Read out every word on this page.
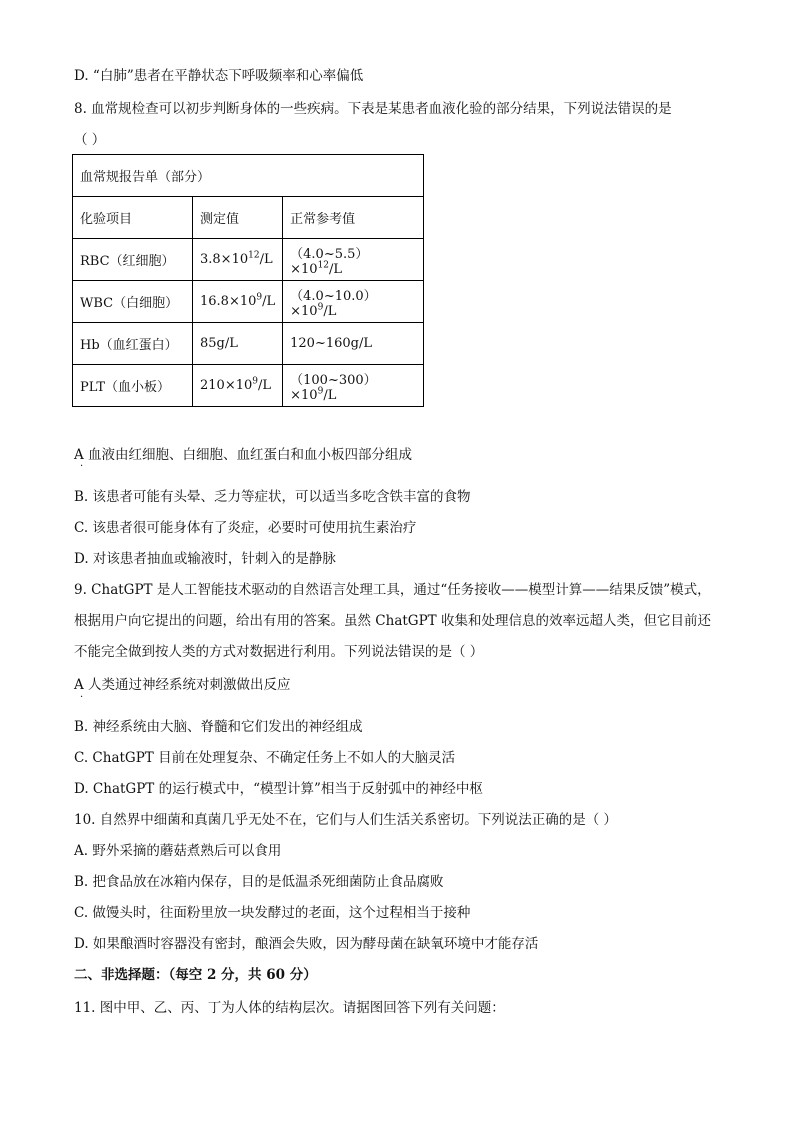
D. “白肺”患者在平静状态下呼吸频率和心率偏低
8. 血常规检查可以初步判断身体的一些疾病。下表是某患者血液化验的部分结果，下列说法错误的是
（ ）
血常规报告单（部分）		
化验项目	测定值	正常参考值
RBC（红细胞）	$3.8\times 10^{12}/L$	$(4.0\sim 5.5)\times 10^{12}/L$
WBC（白细胞）	$16.8\times 10^9/L$	$(4.0\sim 10.0)\times 10^9/L$
Hb（血红蛋白）	85g/L	120~160g/L
PLT（血小板）	$210\times 10^9/L$	$(100\sim 300)\times 10^9/L$
A 血液由红细胞、白细胞、血红蛋白和血小板四部分组成
·
B. 该患者可能有头晕、乏力等症状，可以适当多吃含铁丰富的食物
C. 该患者很可能身体有了炎症，必要时可使用抗生素治疗
D. 对该患者抽血或输液时，针刺入的是静脉
9. ChatGPT 是人工智能技术驱动的自然语言处理工具，通过“任务接收——模型计算——结果反馈”模式，根据用户向它提出的问题，给出有用的答案。虽然 ChatGPT 收集和处理信息的效率远超人类，但它目前还不能完全做到按人类的方式对数据进行利用。下列说法错误的是（ ）
A 人类通过神经系统对刺激做出反应
·
B. 神经系统由大脑、脊髓和它们发出的神经组成
C. ChatGPT 目前在处理复杂、不确定任务上不如人的大脑灵活
D. ChatGPT 的运行模式中，“模型计算”相当于反射弧中的神经中枢
10. 自然界中细菌和真菌几乎无处不在，它们与人们生活关系密切。下列说法正确的是（ ）
A. 野外采摘的蘑菇煮熟后可以食用
B. 把食品放在冰箱内保存，目的是低温杀死细菌防止食品腐败
C. 做馒头时，往面粉里放一块发酵过的老面，这个过程相当于接种
D. 如果酿酒时容器没有密封，酿酒会失败，因为酵母菌在缺氧环境中才能存活
二、非选择题：（每空 2 分，共 60 分）
11. 图中甲、乙、丙、丁为人体的结构层次。请据图回答下列有关问题：
